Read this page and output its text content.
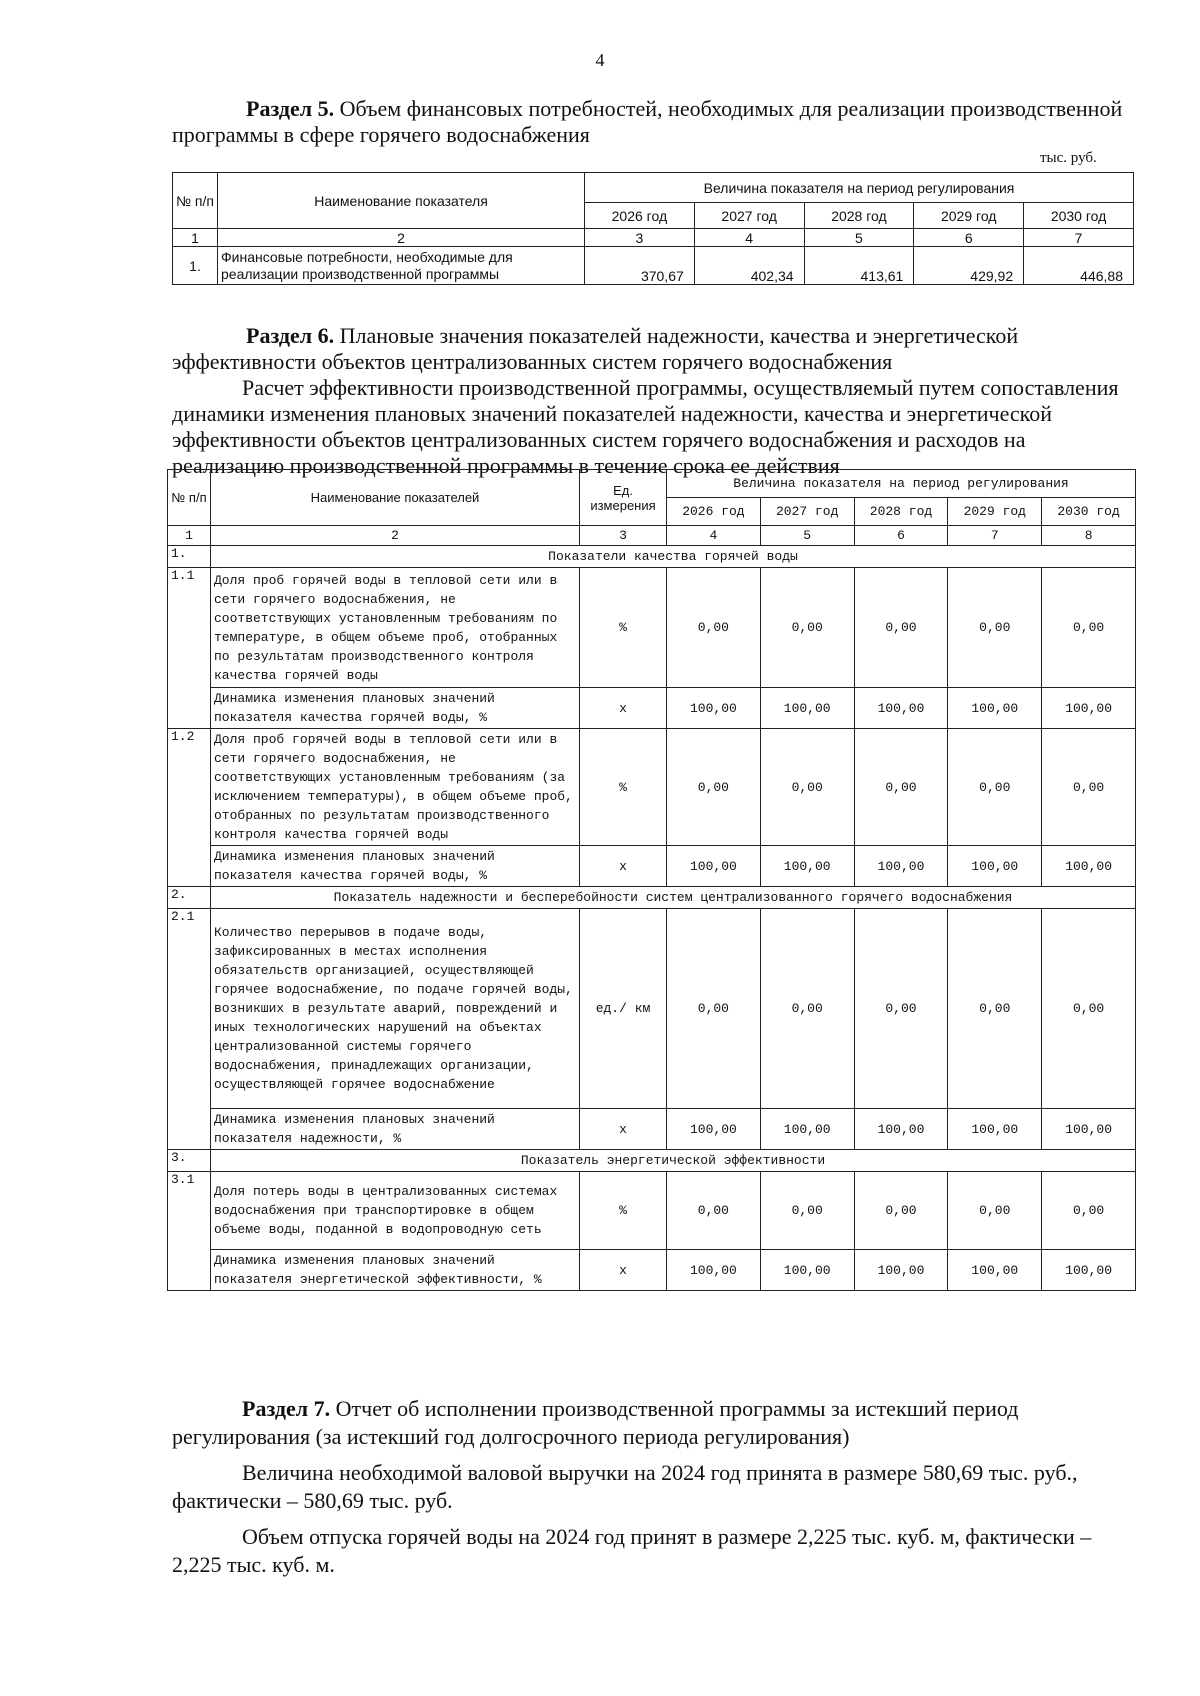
4
Раздел 5. Объем финансовых потребностей, необходимых для реализации производственной программы в сфере горячего водоснабжения
тыс. руб.
№ п/п	Наименование показателя	Величина показателя на период регулирования				
		2026 год	2027 год	2028 год	2029 год	2030 год
1	2	3	4	5	6	7
1.	Финансовые потребности, необходимые для реализации производственной программы	370,67	402,34	413,61	429,92	446,88
Раздел 6. Плановые значения показателей надежности, качества и энергетической эффективности объектов централизованных систем горячего водоснабжения
Расчет эффективности производственной программы, осуществляемый путем сопоставления динамики изменения плановых значений показателей надежности, качества и энергетической эффективности объектов централизованных систем горячего водоснабжения и расходов на реализацию производственной программы в течение срока ее действия
№ п/п	Наименование показателей	Ед. измерения	Величина показателя на период регулирования				
			2026 год	2027 год	2028 год	2029 год	2030 год
1	2	3	4	5	6	7	8
1.	Показатели качества горячей воды						
1.1	Доля проб горячей воды в тепловой сети или в сети горячего водоснабжения, не соответствующих установленным требованиям по температуре, в общем объеме проб, отобранных по результатам производственного контроля качества горячей воды	%	0,00	0,00	0,00	0,00	0,00
	Динамика изменения плановых значений показателя качества горячей воды, %	х	100,00	100,00	100,00	100,00	100,00
1.2	Доля проб горячей воды в тепловой сети или в сети горячего водоснабжения, не соответствующих установленным требованиям (за исключением температуры), в общем объеме проб, отобранных по результатам производственного контроля качества горячей воды	%	0,00	0,00	0,00	0,00	0,00
	Динамика изменения плановых значений показателя качества горячей воды, %	х	100,00	100,00	100,00	100,00	100,00
2.	Показатель надежности и бесперебойности систем централизованного горячего водоснабжения						
2.1	Количество перерывов в подаче воды, зафиксированных в местах исполнения обязательств организацией, осуществляющей горячее водоснабжение, по подаче горячей воды, возникших в результате аварий, повреждений и иных технологических нарушений на объектах централизованной системы горячего водоснабжения, принадлежащих организации, осуществляющей горячее водоснабжение	ед./ км	0,00	0,00	0,00	0,00	0,00
	Динамика изменения плановых значений показателя надежности, %	х	100,00	100,00	100,00	100,00	100,00
3.	Показатель энергетической эффективности						
3.1	Доля потерь воды в централизованных системах водоснабжения при транспортировке в общем объеме воды, поданной в водопроводную сеть	%	0,00	0,00	0,00	0,00	0,00
	Динамика изменения плановых значений показателя энергетической эффективности, %	х	100,00	100,00	100,00	100,00	100,00

Раздел 7. Отчет об исполнении производственной программы за истекший период регулирования (за истекший год долгосрочного периода регулирования)

Величина необходимой валовой выручки на 2024 год принята в размере 580,69 тыс. руб., фактически – 580,69 тыс. руб.

Объем отпуска горячей воды на 2024 год принят в размере 2,225 тыс. куб. м, фактически – 2,225 тыс. куб. м.
